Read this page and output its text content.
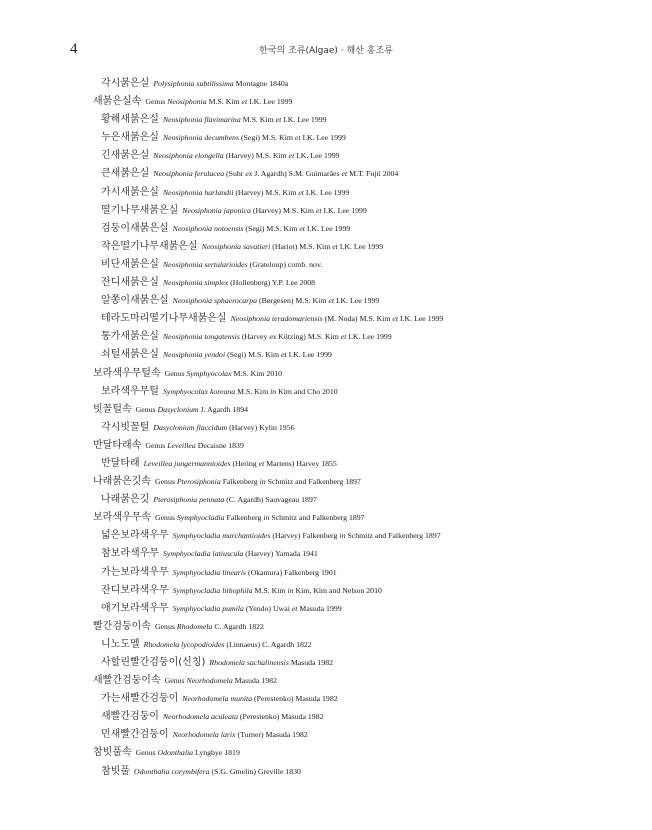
4	한국의 조류(Algae) · 해산 홍조류
각시붉은실 Polysiphonia subtilissima Montagne 1840a
새붉은실속 Genus Neosiphonia M.S. Kim et I.K. Lee 1999
황해새붉은실 Neosiphonia flavimarina M.S. Kim et I.K. Lee 1999
누은새붉은실 Neosiphonia decumbens (Segi) M.S. Kim et I.K. Lee 1999
긴새붉은실 Neosiphonia elongella (Harvey) M.S. Kim et I.K. Lee 1999
큰새붉은실 Neosiphonia ferulacea (Suhr ex J. Agardh) S.M. Guimarães et M.T. Fujii 2004
가시새붉은실 Neosiphonia harlandii (Harvey) M.S. Kim et I.K. Lee 1999
떨기나무새붉은실 Neosiphonia japonica (Harvey) M.S. Kim et I.K. Lee 1999
검둥이새붉은실 Neosiphonia notoensis (Segi) M.S. Kim et I.K. Lee 1999
작은떨기나무새붉은실 Neosiphonia savatieri (Hariot) M.S. Kim et I.K. Lee 1999
비단새붉은실 Neosiphonia sertularioides (Grateloup) comb. nov.
잔디새붉은실 Neosiphonia simplex (Hollenberg) Y.P. Lee 2008
알쫑이새붉은실 Neosiphonia sphaerocarpa (Børgesen) M.S. Kim et I.K. Lee 1999
테라도마리떨기나무새붉은실 Neosiphonia teradomariensis (M. Noda) M.S. Kim et I.K. Lee 1999
통가새붉은실 Neosiphonia tongatensis (Harvey ex Kützing) M.S. Kim et I.K. Lee 1999
쇠털새붉은실 Neosiphonia yendoi (Segi) M.S. Kim et I.K. Lee 1999
보라색우무털속 Genus Symphyocolax M.S. Kim 2010
보라색우무털 Symphyocolax koreana M.S. Kim in Kim and Cho 2010
빗꼴털속 Genus Dasyclonium J. Agardh 1894
각시빗꼴털 Dasyclonium flaccidum (Harvey) Kylin 1956
반달타래속 Genus Leveillea Decaisne 1839
반달타래 Leveillea jungermannioides (Hering et Martens) Harvey 1855
나래붉은깃속 Genus Pterosiphonia Falkenberg in Schmitz and Falkenberg 1897
나래붉은깃 Pterosiphonia pennata (C. Agardh) Sauvageau 1897
보라색우무속 Genus Symphyocladia Falkenberg in Schmitz and Falkenberg 1897
넓은보라색우무 Symphyocladia marchantioides (Harvey) Falkenberg in Schmitz and Falkenberg 1897
참보라색우무 Symphyocladia latiuscula (Harvey) Yamada 1941
가는보라색우무 Symphyocladia linearis (Okamura) Falkenberg 1901
잔디보라색우무 Symphyocladia lithophila M.S. Kim in Kim, Kim and Nelson 2010
애기보라색우무 Symphyocladia pumila (Yendo) Uwai et Masuda 1999
빨간검둥이속 Genus Rhodomela C. Agardh 1822
니노도멜 Rhodomela lycopodioides (Linnaeus) C. Agardh 1822
사할린빨간검둥이(신칭) Rhodomela sachalinensis Masuda 1982
새빨간검둥이속 Genus Neorhodomela Masuda 1982
가는새빨간검둥이 Neorhodomela munita (Perestenko) Masuda 1982
새빨간검둥이 Neorhodomela aculeata (Perestenko) Masuda 1982
민새빨간검둥이 Neorhodomela larix (Turner) Masuda 1982
참빗풀속 Genus Odonthalia Lyngbye 1819
참빗풀 Odonthalia corymbifera (S.G. Gmelin) Greville 1830
